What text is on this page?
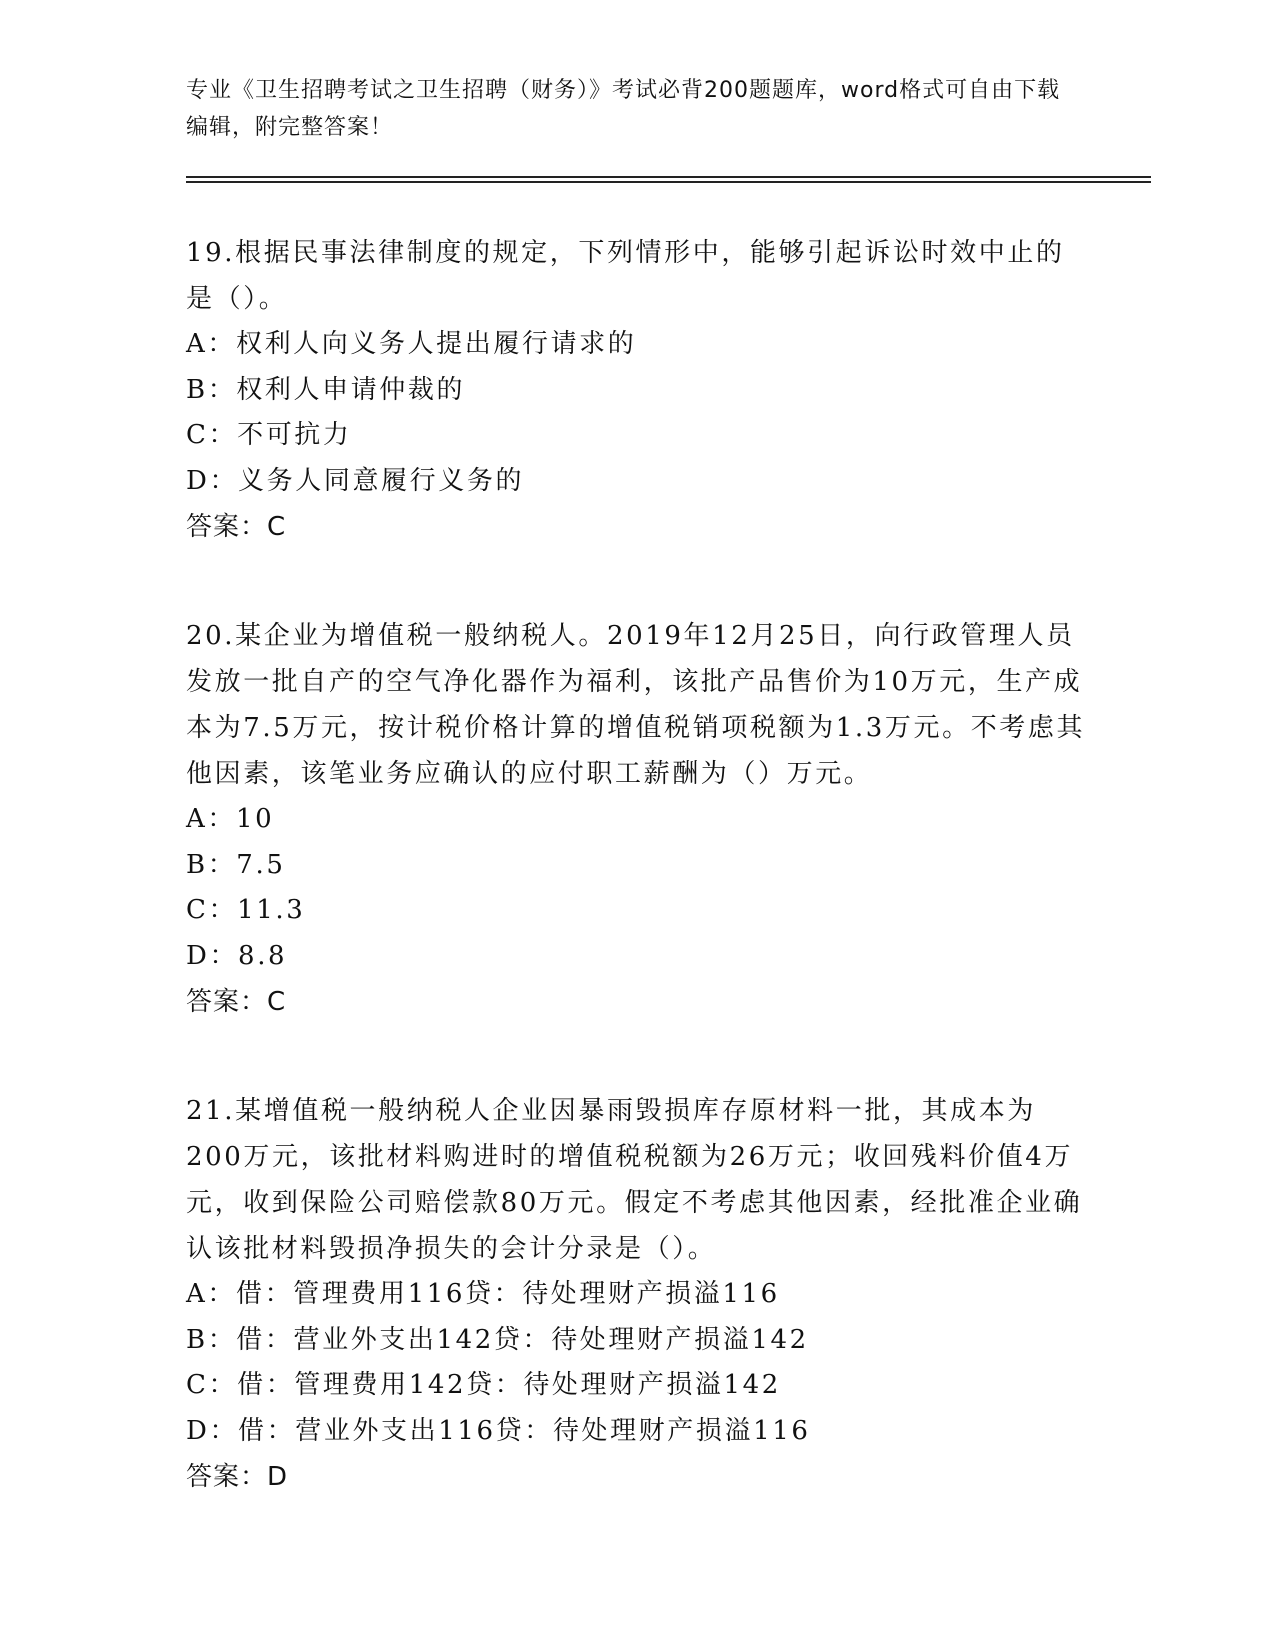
专业《卫生招聘考试之卫生招聘（财务）》考试必背200题题库，word格式可自由下载编辑，附完整答案！
19.根据民事法律制度的规定，下列情形中，能够引起诉讼时效中止的是（）。
A：权利人向义务人提出履行请求的
B：权利人申请仲裁的
C：不可抗力
D：义务人同意履行义务的
答案：C
20.某企业为增值税一般纳税人。2019年12月25日，向行政管理人员发放一批自产的空气净化器作为福利，该批产品售价为10万元，生产成本为7.5万元，按计税价格计算的增值税销项税额为1.3万元。不考虑其他因素，该笔业务应确认的应付职工薪酬为（）万元。
A：10
B：7.5
C：11.3
D：8.8
答案：C
21.某增值税一般纳税人企业因暴雨毁损库存原材料一批，其成本为200万元，该批材料购进时的增值税税额为26万元；收回残料价值4万元，收到保险公司赔偿款80万元。假定不考虑其他因素，经批准企业确认该批材料毁损净损失的会计分录是（）。
A：借：管理费用116贷：待处理财产损溢116
B：借：营业外支出142贷：待处理财产损溢142
C：借：管理费用142贷：待处理财产损溢142
D：借：营业外支出116贷：待处理财产损溢116
答案：D
